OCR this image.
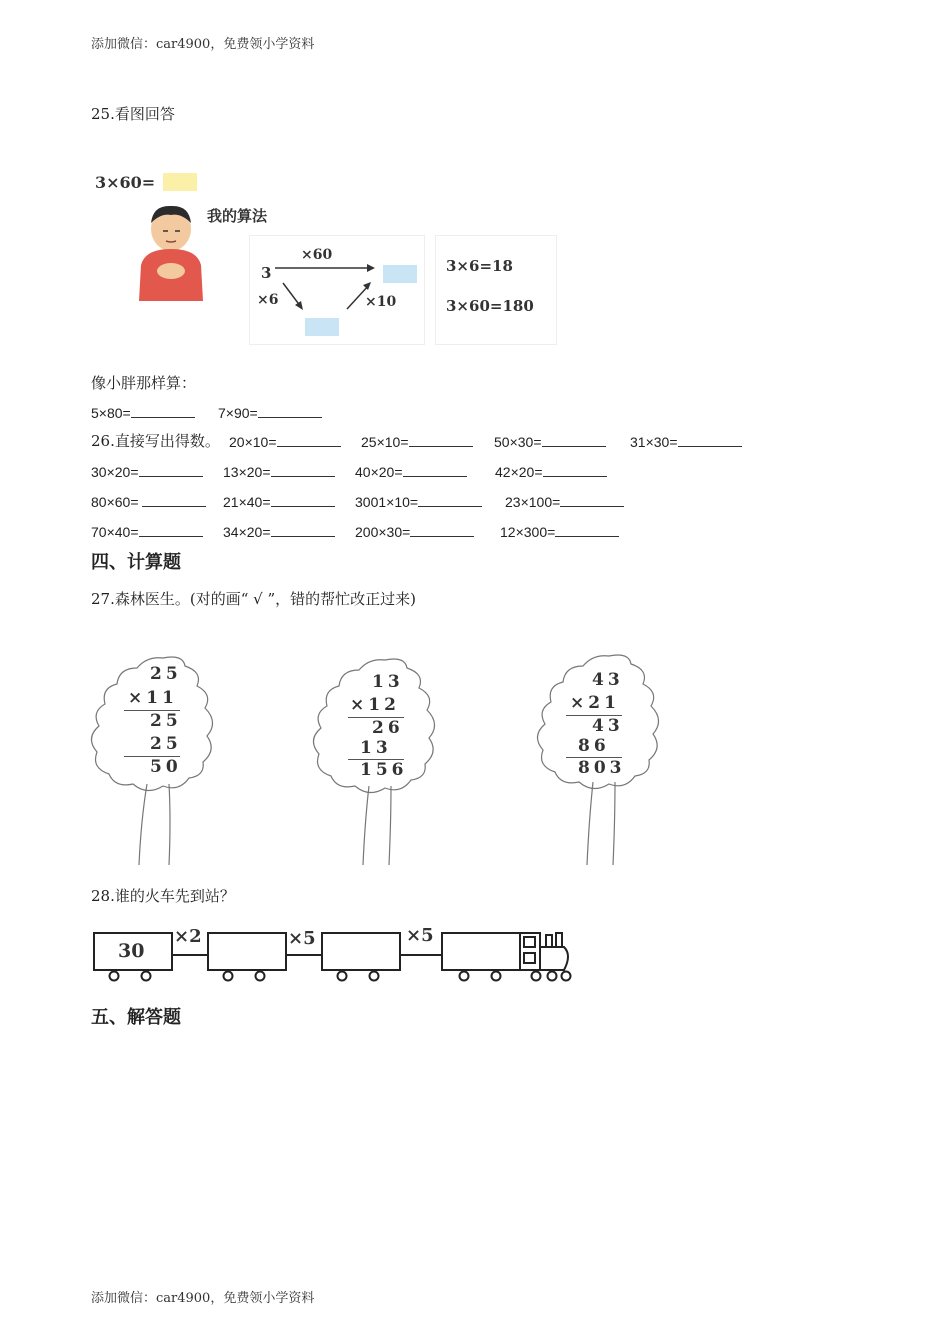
添加微信：car4900，免费领小学资料
25.看图回答
3×60=
我的算法
3
×60
×6	×10
3×6=18
3×60=180
像小胖那样算：
5×80=	7×90=
26.直接写出得数。 20×10=	25×10=	50×30=	31×30=
30×20=	13×20=	40×20=	42×20=
80×60=	21×40=	3001×10=	23×100=
70×40=	34×20=	200×30=	12×300=
四、计算题
27.森林医生。(对的画“ √ ”，错的帮忙改正过来)
25
×11
25
25
50
13
×12
26
13
156
43
×21
43
86
803
28.谁的火车先到站？
30
×2	×5	×5
五、解答题
添加微信：car4900，免费领小学资料
